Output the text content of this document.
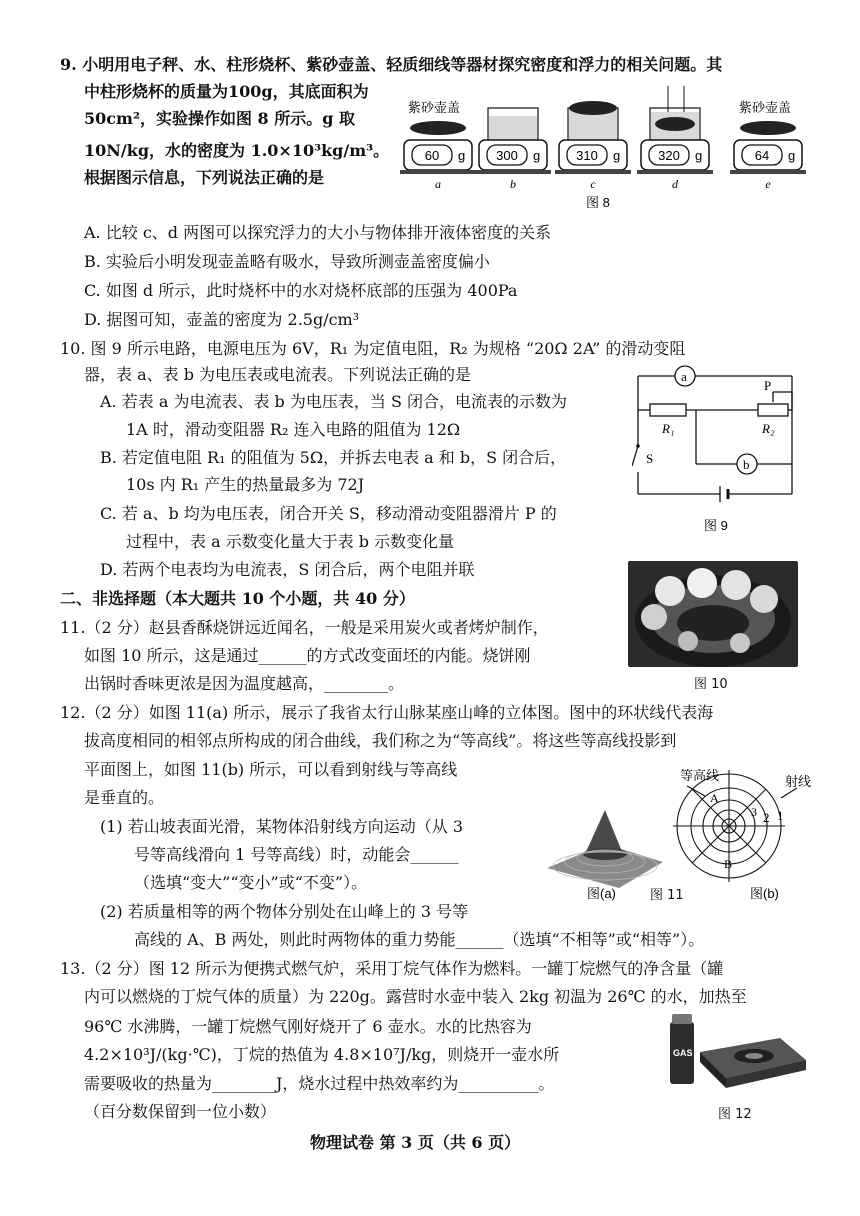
9. 小明用电子秤、水、柱形烧杯、紫砂壶盖、轻质细线等器材探究密度和浮力的相关问题。其
中柱形烧杯的质量为100g，其底面积为
50cm²，实验操作如图 8 所示。g 取
10N/kg，水的密度为 1.0×10³kg/m³。
根据图示信息，下列说法正确的是
紫砂壶盖	紫砂壶盖
60 g
a
300 g
b
310 g
c
320 g
d
64 g
e
图 8
A. 比较 c、d 两图可以探究浮力的大小与物体排开液体密度的关系
B. 实验后小明发现壶盖略有吸水，导致所测壶盖密度偏小
C. 如图 d 所示，此时烧杯中的水对烧杯底部的压强为 400Pa
D. 据图可知，壶盖的密度为 2.5g/cm³
10. 图 9 所示电路，电源电压为 6V，R₁ 为定值电阻，R₂ 为规格 “20Ω 2A” 的滑动变阻
器，表 a、表 b 为电压表或电流表。下列说法正确的是
A. 若表 a 为电流表、表 b 为电压表，当 S 闭合，电流表的示数为
1A 时，滑动变阻器 R₂ 连入电路的阻值为 12Ω
B. 若定值电阻 R₁ 的阻值为 5Ω，并拆去电表 a 和 b，S 闭合后，
10s 内 R₁ 产生的热量最多为 72J
C. 若 a、b 均为电压表，闭合开关 S，移动滑动变阻器滑片 P 的
过程中，表 a 示数变化量大于表 b 示数变化量
D. 若两个电表均为电流表，S 闭合后，两个电阻并联
a
b
R₁	R₂
P
S
图 9
二、非选择题（本大题共 10 个小题，共 40 分）
11.（2 分）赵县香酥烧饼远近闻名，一般是采用炭火或者烤炉制作，
如图 10 所示，这是通过______的方式改变面坯的内能。烧饼刚
出锅时香味更浓是因为温度越高，________。	图 10
12.（2 分）如图 11(a) 所示，展示了我省太行山脉某座山峰的立体图。图中的环状线代表海
拔高度相同的相邻点所构成的闭合曲线，我们称之为“等高线”。将这些等高线投影到
平面图上，如图 11(b) 所示，可以看到射线与等高线
是垂直的。
(1) 若山坡表面光滑，某物体沿射线方向运动（从 3
号等高线滑向 1 号等高线）时，动能会______
（选填“变大”“变小”或“不变”）。
(2) 若质量相等的两个物体分别处在山峰上的 3 号等
高线的 A、B 两处，则此时两物体的重力势能______（选填“不相等”或“相等”）。
等高线	射线
1
2
3
A
B
图(a)	图(b)
图 11
13.（2 分）图 12 所示为便携式燃气炉，采用丁烷气体作为燃料。一罐丁烷燃气的净含量（罐
内可以燃烧的丁烷气体的质量）为 220g。露营时水壶中装入 2kg 初温为 26℃ 的水，加热至
96℃ 水沸腾，一罐丁烷燃气刚好烧开了 6 壶水。水的比热容为
4.2×10³J/(kg·℃)，丁烷的热值为 4.8×10⁷J/kg，则烧开一壶水所
需要吸收的热量为________J，烧水过程中热效率约为__________。
（百分数保留到一位小数）
GAS
图 12
物理试卷 第 3 页（共 6 页）
